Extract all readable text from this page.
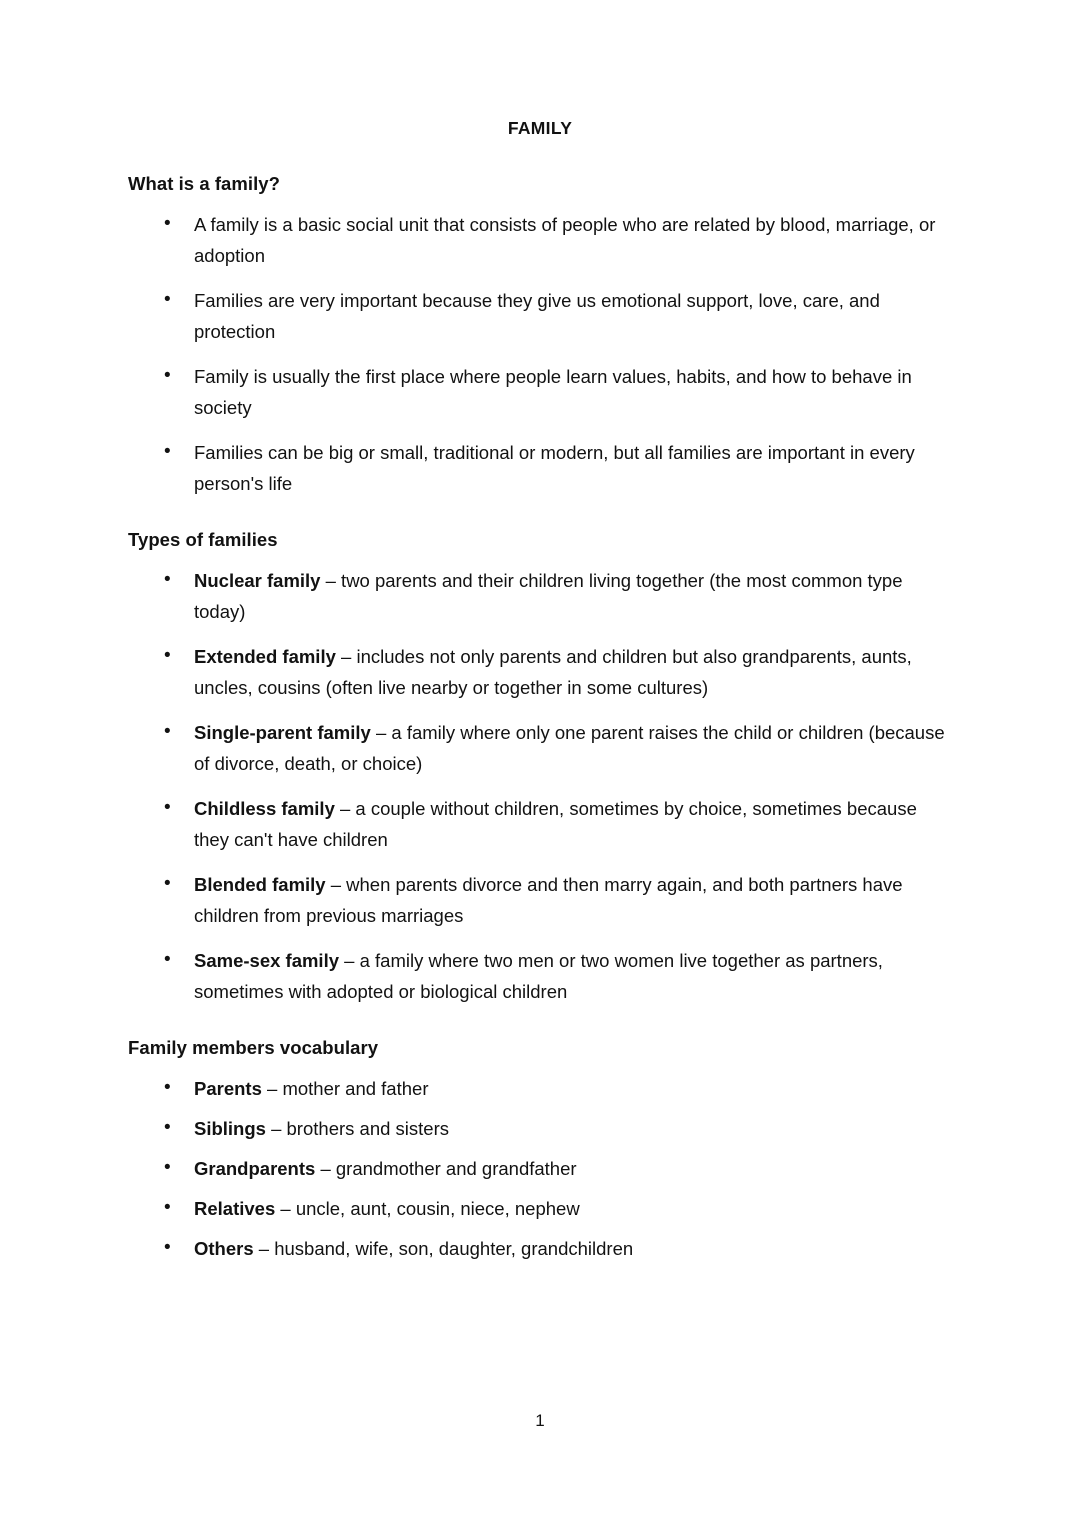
FAMILY
What is a family?
• A family is a basic social unit that consists of people who are related by blood, marriage, or adoption
• Families are very important because they give us emotional support, love, care, and protection
• Family is usually the first place where people learn values, habits, and how to behave in society
• Families can be big or small, traditional or modern, but all families are important in every person's life
Types of families
• Nuclear family – two parents and their children living together (the most common type today)
• Extended family – includes not only parents and children but also grandparents, aunts, uncles, cousins (often live nearby or together in some cultures)
• Single-parent family – a family where only one parent raises the child or children (because of divorce, death, or choice)
• Childless family – a couple without children, sometimes by choice, sometimes because they can't have children
• Blended family – when parents divorce and then marry again, and both partners have children from previous marriages
• Same-sex family – a family where two men or two women live together as partners, sometimes with adopted or biological children
Family members vocabulary
• Parents – mother and father
• Siblings – brothers and sisters
• Grandparents – grandmother and grandfather
• Relatives – uncle, aunt, cousin, niece, nephew
• Others – husband, wife, son, daughter, grandchildren
1
